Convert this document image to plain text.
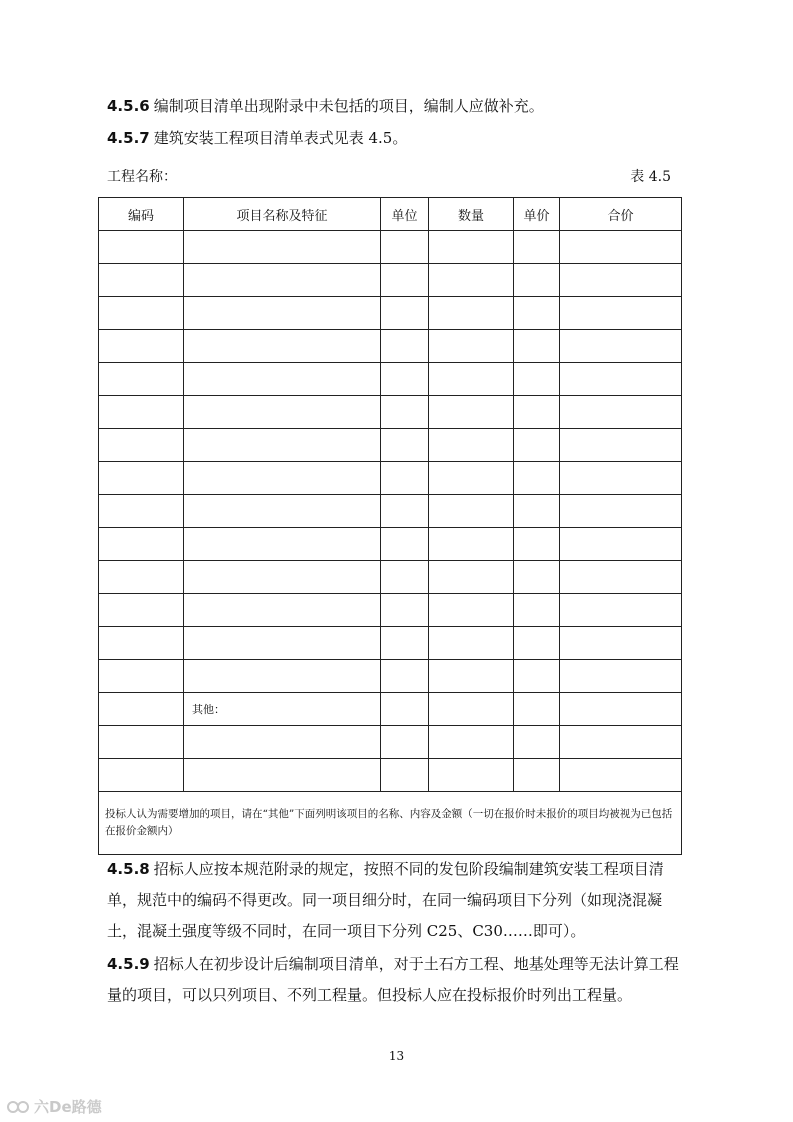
4.5.6 编制项目清单出现附录中未包括的项目，编制人应做补充。

4.5.7 建筑安装工程项目清单表式见表 4.5。

工程名称：	表 4.5
编码	项目名称及特征	单位	数量	单价	合价

	其他：				

投标人认为需要增加的项目，请在“其他”下面列明该项目的名称、内容及金额（一切在报价时未报价的项目均被视为已包括在报价金额内）					

4.5.8 招标人应按本规范附录的规定，按照不同的发包阶段编制建筑安装工程项目清单，规范中的编码不得更改。同一项目细分时，在同一编码项目下分列（如现浇混凝土，混凝土强度等级不同时，在同一项目下分列 C25、C30……即可）。

4.5.9 招标人在初步设计后编制项目清单，对于土石方工程、地基处理等无法计算工程量的项目，可以只列项目、不列工程量。但投标人应在投标报价时列出工程量。

13
六De路德
